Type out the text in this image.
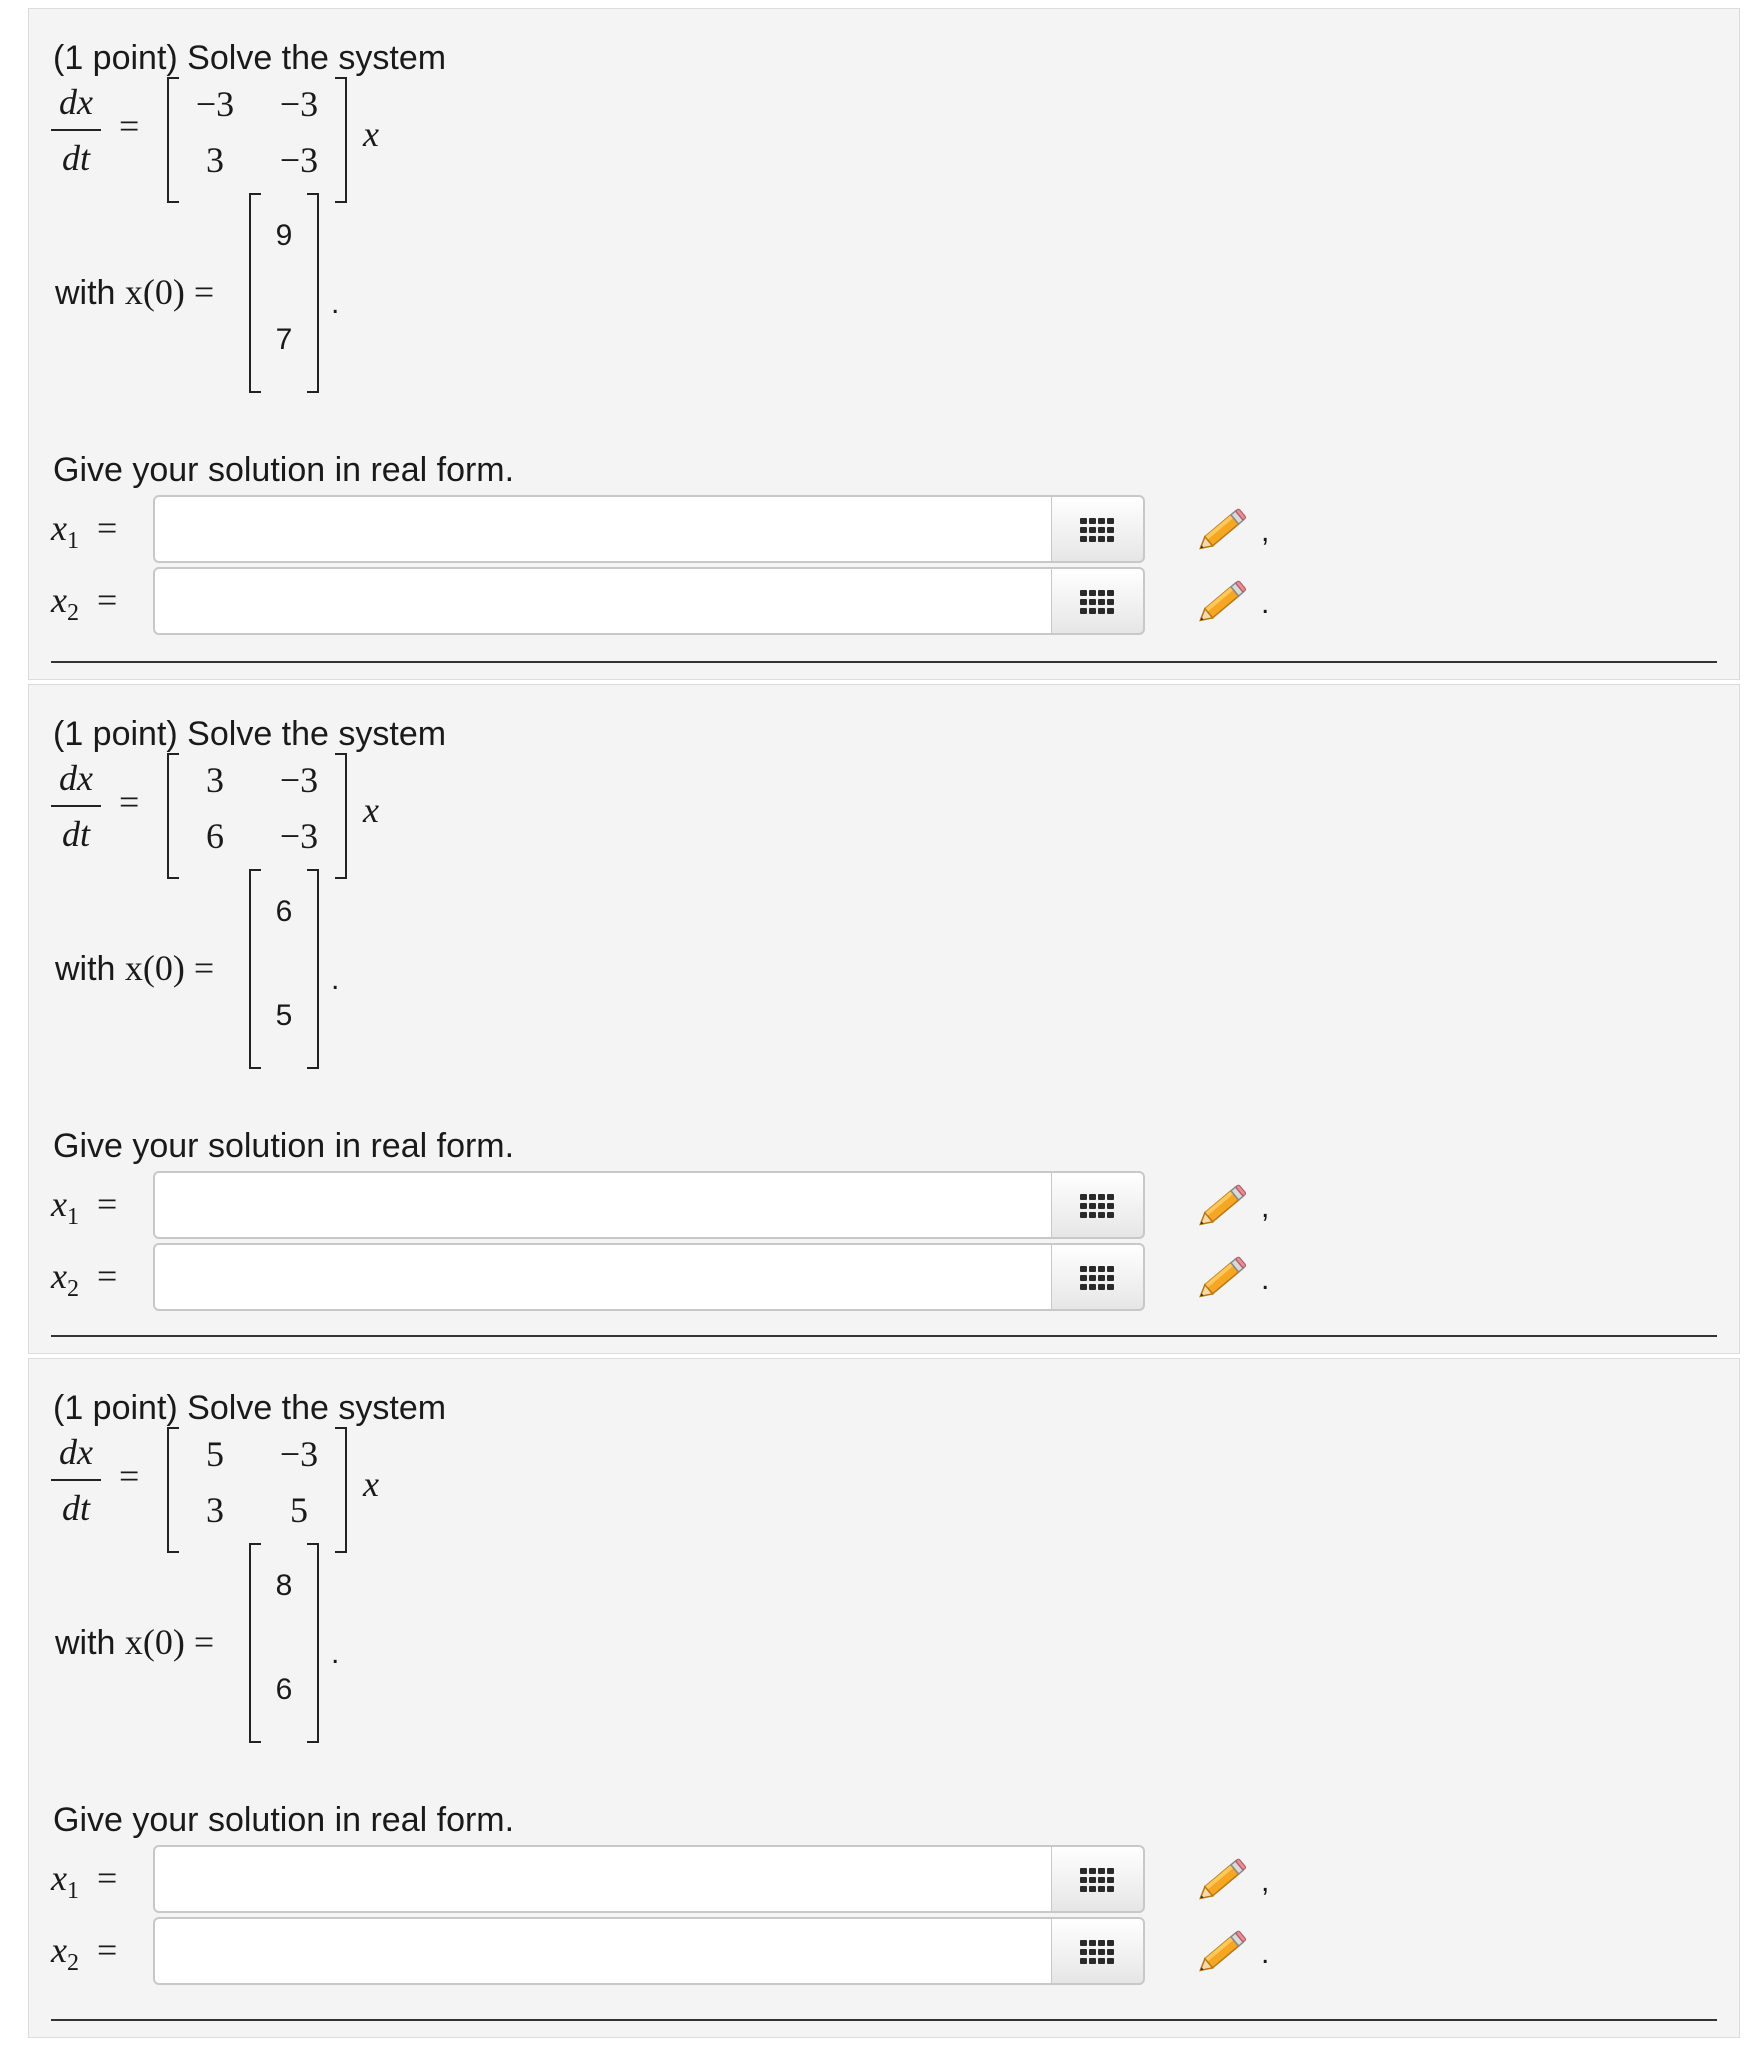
(1 point) Solve the system
dx
dt
=
−3	−3
3	−3
x
with x(0) =
9
7
.
Give your solution in real form.
$x_1$ =	,
$x_2$ =	.
(1 point) Solve the system
dx
dt
=
3	−3
6	−3
x
with x(0) =
6
5
.
Give your solution in real form.
$x_1$ =	,
$x_2$ =	.
(1 point) Solve the system
dx
dt
=
5	−3
3	5
x
with x(0) =
8
6
.
Give your solution in real form.
$x_1$ =	,
$x_2$ =	.
